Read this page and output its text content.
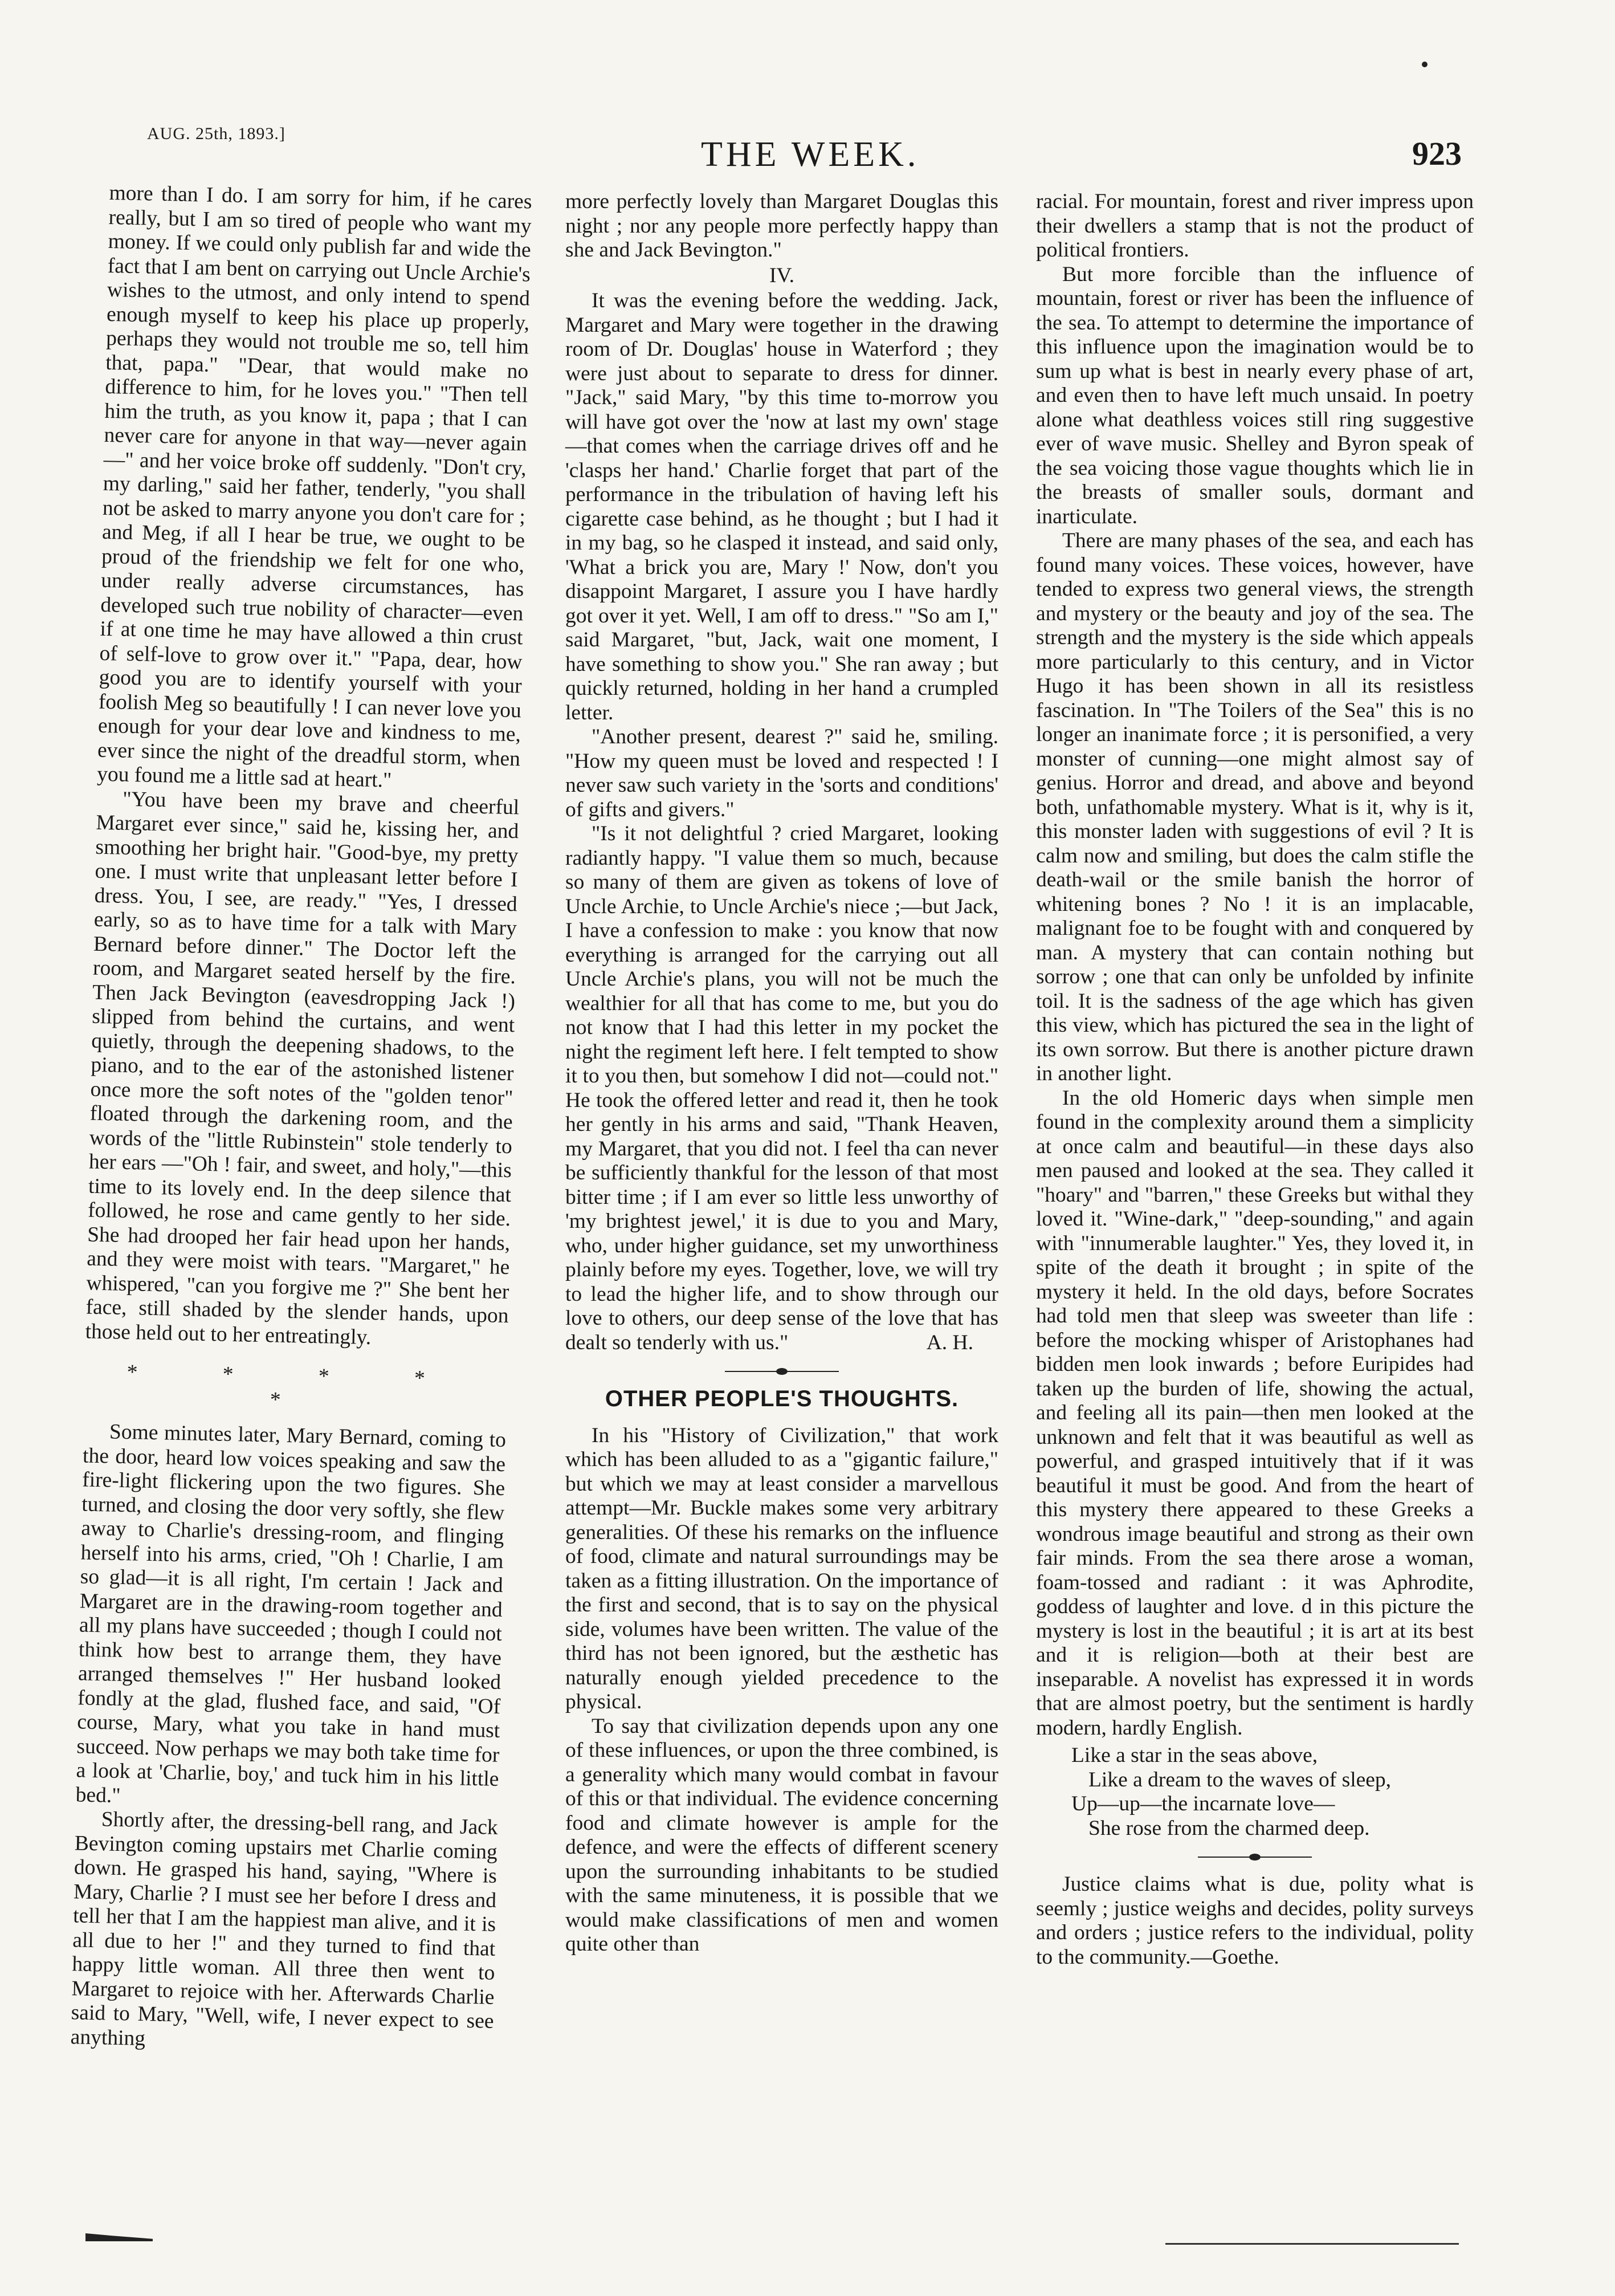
AUG. 25th, 1893.]
THE WEEK.	923

more than I do. I am sorry for him, if he cares really, but I am so tired of people who want my money. If we could only publish far and wide the fact that I am bent on carrying out Uncle Archie's wishes to the utmost, and only intend to spend enough myself to keep his place up properly, perhaps they would not trouble me so, tell him that, papa." "Dear, that would make no difference to him, for he loves you." "Then tell him the truth, as you know it, papa ; that I can never care for anyone in that way—never again—" and her voice broke off suddenly. "Don't cry, my darling," said her father, tenderly, "you shall not be asked to marry anyone you don't care for ; and Meg, if all I hear be true, we ought to be proud of the friendship we felt for one who, under really adverse circumstances, has developed such true nobility of character—even if at one time he may have allowed a thin crust of self-love to grow over it." "Papa, dear, how good you are to identify yourself with your foolish Meg so beautifully ! I can never love you enough for your dear love and kindness to me, ever since the night of the dreadful storm, when you found me a little sad at heart."

"You have been my brave and cheerful Margaret ever since," said he, kissing her, and smoothing her bright hair. "Good-bye, my pretty one. I must write that unpleasant letter before I dress. You, I see, are ready." "Yes, I dressed early, so as to have time for a talk with Mary Bernard before dinner." The Doctor left the room, and Margaret seated herself by the fire. Then Jack Bevington (eavesdropping Jack !) slipped from behind the curtains, and went quietly, through the deepening shadows, to the piano, and to the ear of the astonished listener once more the soft notes of the "golden tenor" floated through the darkening room, and the words of the "little Rubinstein" stole tenderly to her ears —"Oh ! fair, and sweet, and holy,"—this time to its lovely end. In the deep silence that followed, he rose and came gently to her side. She had drooped her fair head upon her hands, and they were moist with tears. "Margaret," he whispered, "can you forgive me ?" She bent her face, still shaded by the slender hands, upon those held out to her entreatingly.

* * * * *

Some minutes later, Mary Bernard, coming to the door, heard low voices speaking and saw the fire-light flickering upon the two figures. She turned, and closing the door very softly, she flew away to Charlie's dressing-room, and flinging herself into his arms, cried, "Oh ! Charlie, I am so glad—it is all right, I'm certain ! Jack and Margaret are in the drawing-room together and all my plans have succeeded ; though I could not think how best to arrange them, they have arranged themselves !" Her husband looked fondly at the glad, flushed face, and said, "Of course, Mary, what you take in hand must succeed. Now perhaps we may both take time for a look at 'Charlie, boy,' and tuck him in his little bed."

Shortly after, the dressing-bell rang, and Jack Bevington coming upstairs met Charlie coming down. He grasped his hand, saying, "Where is Mary, Charlie ? I must see her before I dress and tell her that I am the happiest man alive, and it is all due to her !" and they turned to find that happy little woman. All three then went to Margaret to rejoice with her. Afterwards Charlie said to Mary, "Well, wife, I never expect to see anything

more perfectly lovely than Margaret Douglas this night ; nor any people more perfectly happy than she and Jack Bevington."

IV.

It was the evening before the wedding. Jack, Margaret and Mary were together in the drawing room of Dr. Douglas' house in Waterford ; they were just about to separate to dress for dinner. "Jack," said Mary, "by this time to-morrow you will have got over the 'now at last my own' stage—that comes when the carriage drives off and he 'clasps her hand.' Charlie forget that part of the performance in the tribulation of having left his cigarette case behind, as he thought ; but I had it in my bag, so he clasped it instead, and said only, 'What a brick you are, Mary !' Now, don't you disappoint Margaret, I assure you I have hardly got over it yet. Well, I am off to dress." "So am I," said Margaret, "but, Jack, wait one moment, I have something to show you." She ran away ; but quickly returned, holding in her hand a crumpled letter.

"Another present, dearest ?" said he, smiling. "How my queen must be loved and respected ! I never saw such variety in the 'sorts and conditions' of gifts and givers."

"Is it not delightful ? cried Margaret, looking radiantly happy. "I value them so much, because so many of them are given as tokens of love of Uncle Archie, to Uncle Archie's niece ;—but Jack, I have a confession to make : you know that now everything is arranged for the carrying out all Uncle Archie's plans, you will not be much the wealthier for all that has come to me, but you do not know that I had this letter in my pocket the night the regiment left here. I felt tempted to show it to you then, but somehow I did not—could not." He took the offered letter and read it, then he took her gently in his arms and said, "Thank Heaven, my Margaret, that you did not. I feel tha can never be sufficiently thankful for the lesson of that most bitter time ; if I am ever so little less unworthy of 'my brightest jewel,' it is due to you and Mary, who, under higher guidance, set my unworthiness plainly before my eyes. Together, love, we will try to lead the higher life, and to show through our love to others, our deep sense of the love that has dealt so tenderly with us."	A. H.

OTHER PEOPLE'S THOUGHTS.

In his "History of Civilization," that work which has been alluded to as a "gigantic failure," but which we may at least consider a marvellous attempt—Mr. Buckle makes some very arbitrary generalities. Of these his remarks on the influence of food, climate and natural surroundings may be taken as a fitting illustration. On the importance of the first and second, that is to say on the physical side, volumes have been written. The value of the third has not been ignored, but the æsthetic has naturally enough yielded precedence to the physical.

To say that civilization depends upon any one of these influences, or upon the three combined, is a generality which many would combat in favour of this or that individual. The evidence concerning food and climate however is ample for the defence, and were the effects of different scenery upon the surrounding inhabitants to be studied with the same minuteness, it is possible that we would make classifications of men and women quite other than

racial. For mountain, forest and river impress upon their dwellers a stamp that is not the product of political frontiers.

But more forcible than the influence of mountain, forest or river has been the influence of the sea. To attempt to determine the importance of this influence upon the imagination would be to sum up what is best in nearly every phase of art, and even then to have left much unsaid. In poetry alone what deathless voices still ring suggestive ever of wave music. Shelley and Byron speak of the sea voicing those vague thoughts which lie in the breasts of smaller souls, dormant and inarticulate.

There are many phases of the sea, and each has found many voices. These voices, however, have tended to express two general views, the strength and mystery or the beauty and joy of the sea. The strength and the mystery is the side which appeals more particularly to this century, and in Victor Hugo it has been shown in all its resistless fascination. In "The Toilers of the Sea" this is no longer an inanimate force ; it is personified, a very monster of cunning—one might almost say of genius. Horror and dread, and above and beyond both, unfathomable mystery. What is it, why is it, this monster laden with suggestions of evil ? It is calm now and smiling, but does the calm stifle the death-wail or the smile banish the horror of whitening bones ? No ! it is an implacable, malignant foe to be fought with and conquered by man. A mystery that can contain nothing but sorrow ; one that can only be unfolded by infinite toil. It is the sadness of the age which has given this view, which has pictured the sea in the light of its own sorrow. But there is another picture drawn in another light.

In the old Homeric days when simple men found in the complexity around them a simplicity at once calm and beautiful—in these days also men paused and looked at the sea. They called it "hoary" and "barren," these Greeks but withal they loved it. "Wine-dark," "deep-sounding," and again with "innumerable laughter." Yes, they loved it, in spite of the death it brought ; in spite of the mystery it held. In the old days, before Socrates had told men that sleep was sweeter than life : before the mocking whisper of Aristophanes had bidden men look inwards ; before Euripides had taken up the burden of life, showing the actual, and feeling all its pain—then men looked at the unknown and felt that it was beautiful as well as powerful, and grasped intuitively that if it was beautiful it must be good. And from the heart of this mystery there appeared to these Greeks a wondrous image beautiful and strong as their own fair minds. From the sea there arose a woman, foam-tossed and radiant : it was Aphrodite, goddess of laughter and love. d in this picture the mystery is lost in the beautiful ; it is art at its best and it is religion—both at their best are inseparable. A novelist has expressed it in words that are almost poetry, but the sentiment is hardly modern, hardly English.

Like a star in the seas above,
Like a dream to the waves of sleep,
Up—up—the incarnate love—
She rose from the charmed deep.

Justice claims what is due, polity what is seemly ; justice weighs and decides, polity surveys and orders ; justice refers to the individual, polity to the community.—Goethe.
